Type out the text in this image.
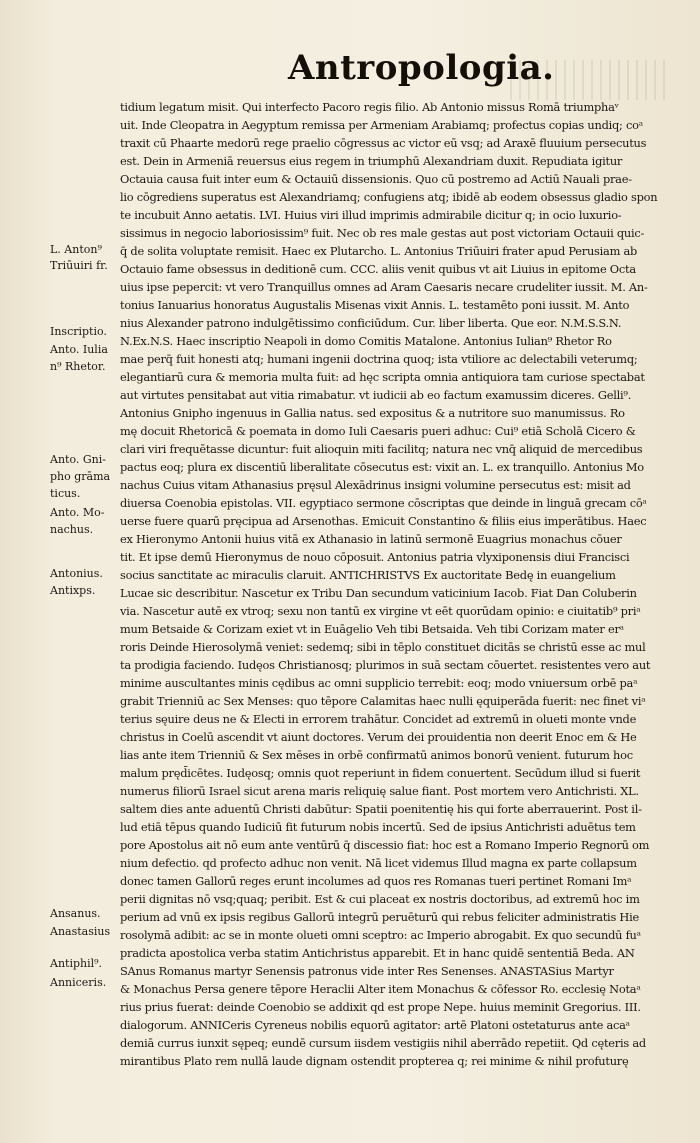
Antropologia.
L. Anton⁹
Triūuiri fr.
Inscriptio.
Anto. Iulia
n⁹ Rhetor.
Anto. Gni-
pho grāma
ticus.
Anto. Mo-
nachus.
Antonius.
Antixps.
Ansanus.
Anastasius
Antiphil⁹.
Anniceris.
tidium legatum misit. Qui interfecto Pacoro regis filio. Ab Antonio missus Romā triumphaᵛ
uit. Inde Cleopatra in Aegyptum remissa per Armeniam Arabiamq; profectus copias undiq; coᵃ
traxit cū Phaarte medorū rege praelio cōgressus ac victor eū vsq; ad Araxē fluuium persecutus
est. Dein in Armeniā reuersus eius regem in triumphū Alexandriam duxit. Repudiata igitur
Octauia causa fuit inter eum & Octauiū dissensionis. Quo cū postremo ad Actiū Nauali prae-
lio cōgrediens superatus est Alexandriamq; confugiens atq; ibidē ab eodem obsessus gladio spon
te incubuit Anno aetatis. LVI. Huius viri illud imprimis admirabile dicitur q; in ocio luxurio-
sissimus in negocio laboriosissim⁹ fuit. Nec ob res male gestas aut post victoriam Octauii quic-
q̄ de solita voluptate remisit. Haec ex Plutarcho. L. Antonius Triūuiri frater apud Perusiam ab
Octauio fame obsessus in deditionē cum. CCC. aliis venit quibus vt ait Liuius in epitome Octa
uius ipse pepercit: vt vero Tranquillus omnes ad Aram Caesaris necare crudeliter iussit. M. An-
tonius Ianuarius honoratus Augustalis Misenas vixit Annis. L. testamēto poni iussit. M. Anto
nius Alexander patrono indulgētissimo conficiūdum. Cur. liber liberta. Que eor. N.M.S.S.N.
N.Ex.N.S. Haec inscriptio Neapoli in domo Comitis Matalone. Antonius Iulian⁹ Rhetor Ro
mae perq̄ fuit honesti atq; humani ingenii doctrina quoq; ista vtiliore ac delectabili veterumq;
elegantiarū cura & memoria multa fuit: ad hęc scripta omnia antiquiora tam curiose spectabat
aut virtutes pensitabat aut vitia rimabatur. vt iudicii ab eo factum examussim diceres. Gelli⁹.
Antonius Gnipho ingenuus in Gallia natus. sed expositus & a nutritore suo manumissus. Ro
mę docuit Rhetoricā & poemata in domo Iuli Caesaris pueri adhuc: Cui⁹ etiā Scholā Cicero &
clari viri frequētasse dicuntur: fuit alioquin miti facilitq; natura nec vnq̄ aliquid de mercedibus
pactus eoq; plura ex discentiū liberalitate cōsecutus est: vixit an. L. ex tranquillo. Antonius Mo
nachus Cuius vitam Athanasius pręsul Alexādrinus insigni volumine persecutus est: misit ad
diuersa Coenobia epistolas. VII. egyptiaco sermone cōscriptas que deinde in linguā grecam cōᵃ
uerse fuere quarū pręcipua ad Arsenothas. Emicuit Constantino & filiis eius imperātibus. Haec
ex Hieronymo Antonii huius vitā ex Athanasio in latinū sermonē Euagrius monachus cōuer
tit. Et ipse demū Hieronymus de nouo cōposuit. Antonius patria vlyxiponensis diui Francisci
socius sanctitate ac miraculis claruit. ANTICHRISTVS Ex auctoritate Bedę in euangelium
Lucae sic describitur. Nascetur ex Tribu Dan secundum vaticinium Iacob. Fiat Dan Coluberin
via. Nascetur autē ex vtroq; sexu non tantū ex virgine vt eēt quorūdam opinio: e ciuitatib⁹ priᵃ
mum Betsaide & Corizam exiet vt in Euāgelio Veh tibi Betsaida. Veh tibi Corizam mater erᵃ
roris Deinde Hierosolymā veniet: sedemq; sibi in tēplo constituet dicitās se christū esse ac mul
ta prodigia faciendo. Iudęos Christianosq; plurimos in suā sectam cōuertet. resistentes vero aut
minime auscultantes minis cędibus ac omni supplicio terrebit: eoq; modo vniuersum orbē paᵃ
grabit Trienniū ac Sex Menses: quo tēpore Calamitas haec nulli ęquiperāda fuerit: nec finet viᵃ
terius sęuire deus ne & Electi in errorem trahātur. Concidet ad extremū in olueti monte vnde
christus in Coelū ascendit vt aiunt doctores. Verum dei prouidentia non deerit Enoc em & He
lias ante item Trienniū & Sex mēses in orbē confirmatū animos bonorū venient. futurum hoc
malum pręd̄icētes. Iudęosq; omnis quot reperiunt in fidem conuertent. Secūdum illud si fuerit
numerus filiorū Israel sicut arena maris reliquię salue fiant. Post mortem vero Antichristi. XL.
saltem dies ante aduentū Christi dabūtur: Spatii poenitentię his qui forte aberrauerint. Post il-
lud etiā tēpus quando Iudiciū fit futurum nobis incertū. Sed de ipsius Antichristi aduētus tem
pore Apostolus ait nō eum ante ventūrū q̄ discessio fiat: hoc est a Romano Imperio Regnorū om
nium defectio. qd profecto adhuc non venit. Nā licet videmus Illud magna ex parte collapsum
donec tamen Gallorū reges erunt incolumes ad quos res Romanas tueri pertinet Romani Imᵃ
perii dignitas nō vsq;quaq; peribit. Est & cui placeat ex nostris doctoribus, ad extremū hoc im
perium ad vnū ex ipsis regibus Gallorū integrū peruēturū qui rebus feliciter administratis Hie
rosolymā adibit: ac se in monte olueti omni sceptro: ac Imperio abrogabit. Ex quo secundū fuᵃ
pradicta apostolica verba statim Antichristus apparebit. Et in hanc quidē sententiā Beda. AN
SAnus Romanus martyr Senensis patronus vide inter Res Senenses. ANASTASius Martyr
& Monachus Persa genere tēpore Heraclii Alter item Monachus & cōfessor Ro. ecclesię Notaᵃ
rius prius fuerat: deinde Coenobio se addixit qd est prope Nepe. huius meminit Gregorius. III.
dialogorum. ANNICeris Cyreneus nobilis equorū agitator: artē Platoni ostetaturus ante acaᵃ
demiā currus iunxit sępeq; eundē cursum iisdem vestigiis nihil aberrādo repetiit. Qd cęteris ad
mirantibus Plato rem nullā laude dignam ostendit propterea q; rei minime & nihil profuturę
